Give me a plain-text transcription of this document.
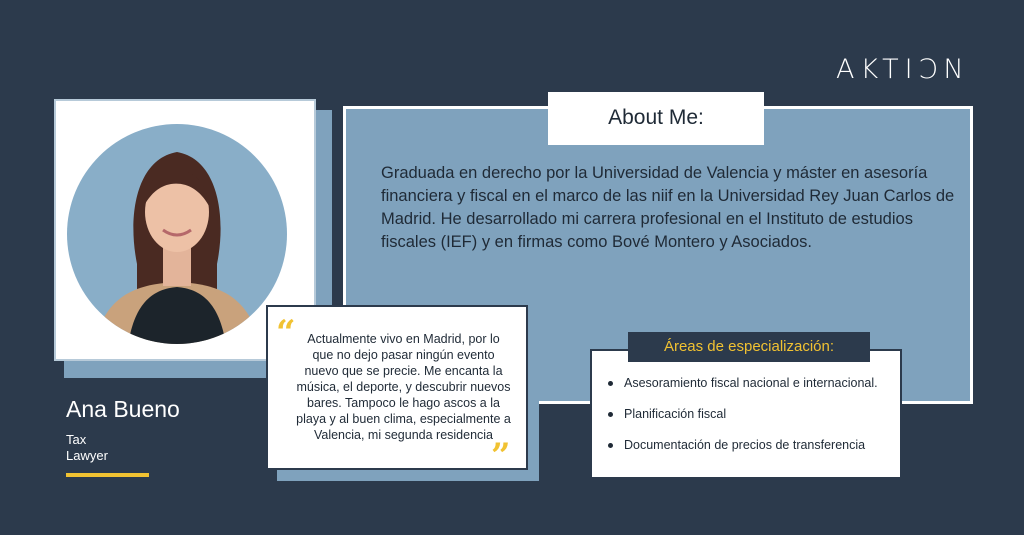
AKTIƆN
Ana Bueno
Tax
Lawyer
About Me:
Graduada en derecho por la Universidad de Valencia y máster en asesoría financiera y fiscal en el marco de las niif en la Universidad Rey Juan Carlos de Madrid. He desarrollado mi carrera profesional en el Instituto de estudios fiscales (IEF) y en firmas como Bové Montero y Asociados.
“ Actualmente vivo en Madrid, por lo que no dejo pasar ningún evento nuevo que se precie. Me encanta la música, el deporte, y descubrir nuevos bares. Tampoco le hago ascos a la playa y al buen clima, especialmente a Valencia, mi segunda residencia
”
Áreas de especialización:
Asesoramiento fiscal nacional e internacional.
Planificación fiscal
Documentación de precios de transferencia
